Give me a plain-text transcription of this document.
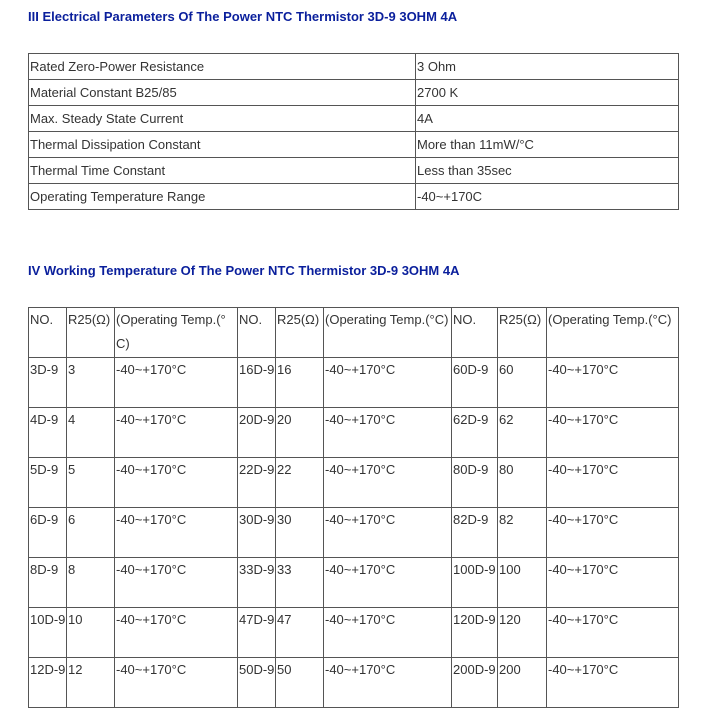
III Electrical Parameters Of The Power NTC Thermistor 3D-9 3OHM 4A
Rated Zero-Power Resistance	3 Ohm
Material Constant B25/85	2700 K
Max. Steady State Current	4A
Thermal Dissipation Constant	More than 11mW/°C
Thermal Time Constant	Less than 35sec
Operating Temperature Range	-40~+170C
IV Working Temperature Of The Power NTC Thermistor 3D-9 3OHM 4A
NO.	R25(Ω)	(Operating Temp.(°C)	NO.	R25(Ω)	(Operating Temp.(°C)	NO.	R25(Ω)	(Operating Temp.(°C)
3D-9	3	-40~+170°C	16D-9	16	-40~+170°C	60D-9	60	-40~+170°C
4D-9	4	-40~+170°C	20D-9	20	-40~+170°C	62D-9	62	-40~+170°C
5D-9	5	-40~+170°C	22D-9	22	-40~+170°C	80D-9	80	-40~+170°C
6D-9	6	-40~+170°C	30D-9	30	-40~+170°C	82D-9	82	-40~+170°C
8D-9	8	-40~+170°C	33D-9	33	-40~+170°C	100D-9	100	-40~+170°C
10D-9	10	-40~+170°C	47D-9	47	-40~+170°C	120D-9	120	-40~+170°C
12D-9	12	-40~+170°C	50D-9	50	-40~+170°C	200D-9	200	-40~+170°C
